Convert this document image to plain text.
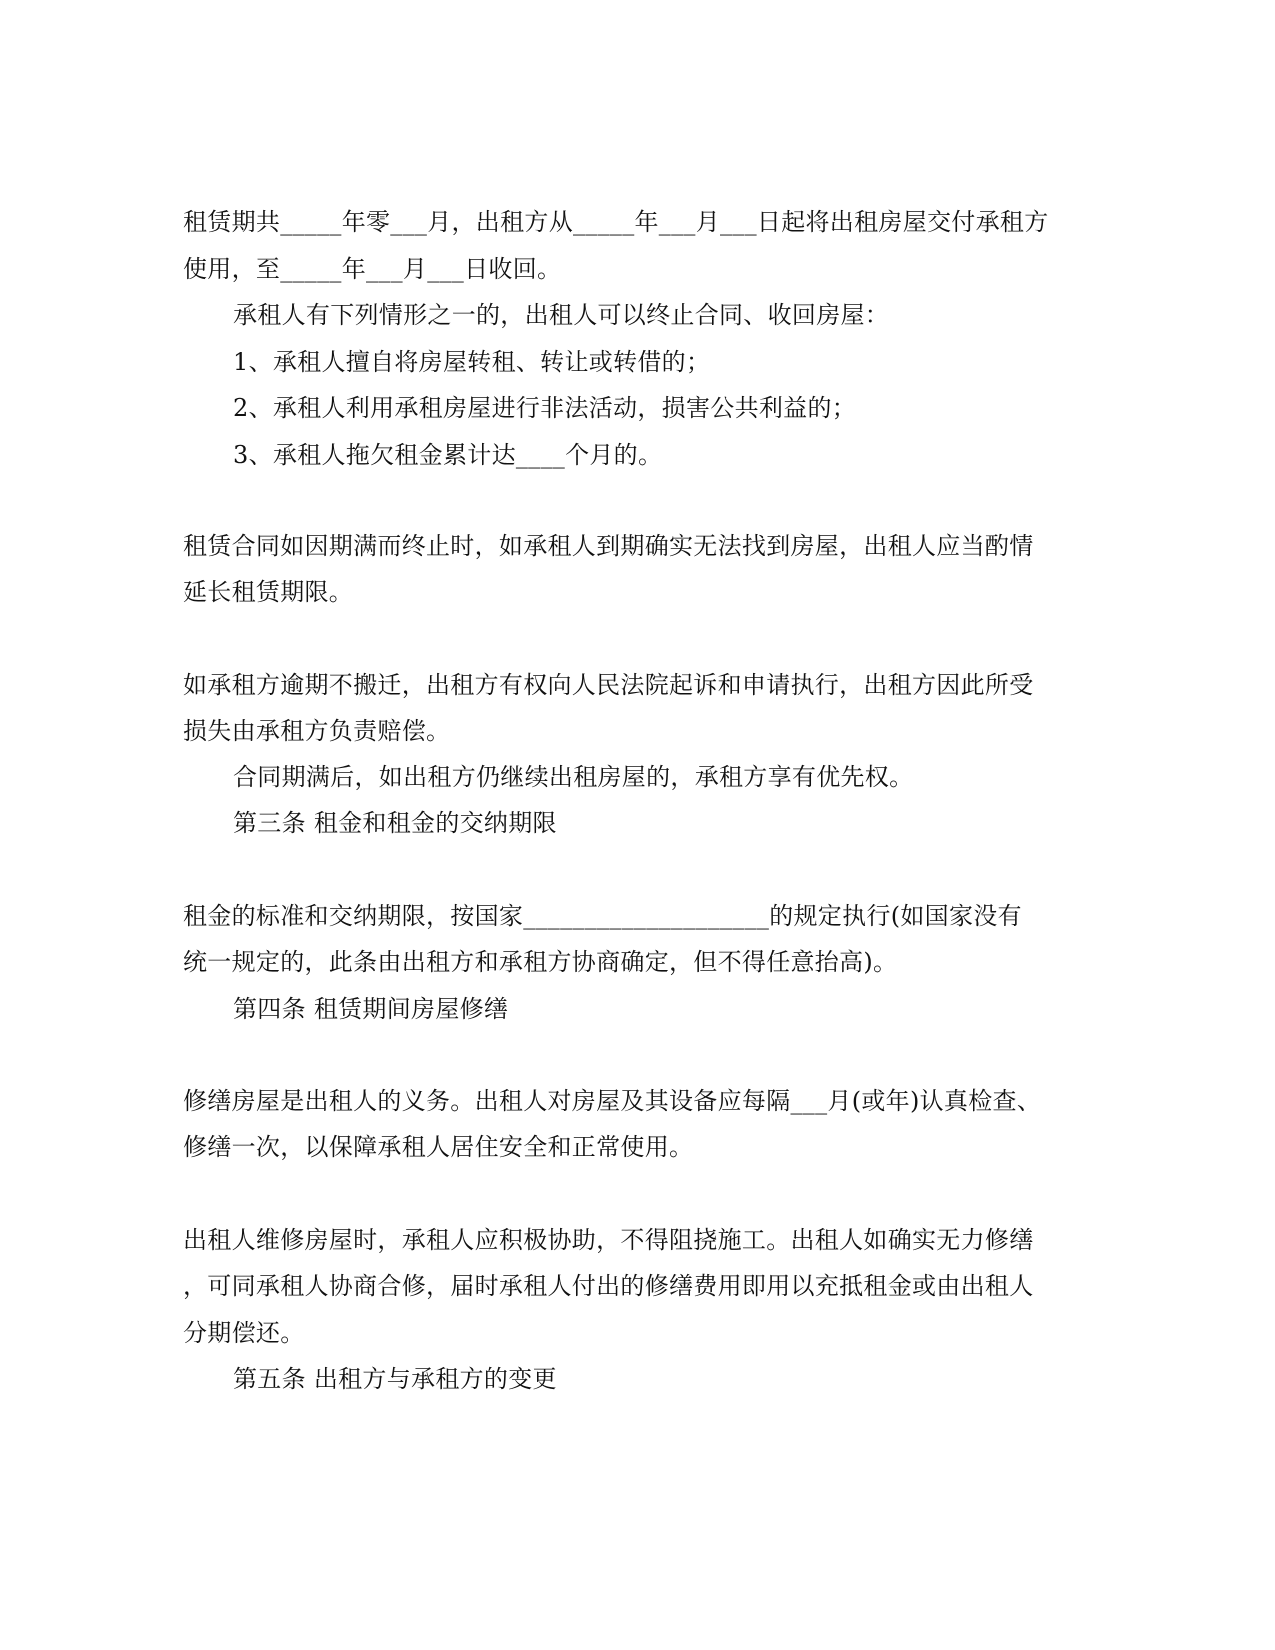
租赁期共_____年零___月，出租方从_____年___月___日起将出租房屋交付承租方
使用，至_____年___月___日收回。
承租人有下列情形之一的，出租人可以终止合同、收回房屋：
1、承租人擅自将房屋转租、转让或转借的；
2、承租人利用承租房屋进行非法活动，损害公共利益的；
3、承租人拖欠租金累计达____个月的。
租赁合同如因期满而终止时，如承租人到期确实无法找到房屋，出租人应当酌情
延长租赁期限。
如承租方逾期不搬迁，出租方有权向人民法院起诉和申请执行，出租方因此所受
损失由承租方负责赔偿。
合同期满后，如出租方仍继续出租房屋的，承租方享有优先权。
第三条 租金和租金的交纳期限
租金的标准和交纳期限，按国家____________________的规定执行(如国家没有
统一规定的，此条由出租方和承租方协商确定，但不得任意抬高)。
第四条 租赁期间房屋修缮
修缮房屋是出租人的义务。出租人对房屋及其设备应每隔___月(或年)认真检查、
修缮一次，以保障承租人居住安全和正常使用。
出租人维修房屋时，承租人应积极协助，不得阻挠施工。出租人如确实无力修缮
，可同承租人协商合修，届时承租人付出的修缮费用即用以充抵租金或由出租人
分期偿还。
第五条 出租方与承租方的变更
